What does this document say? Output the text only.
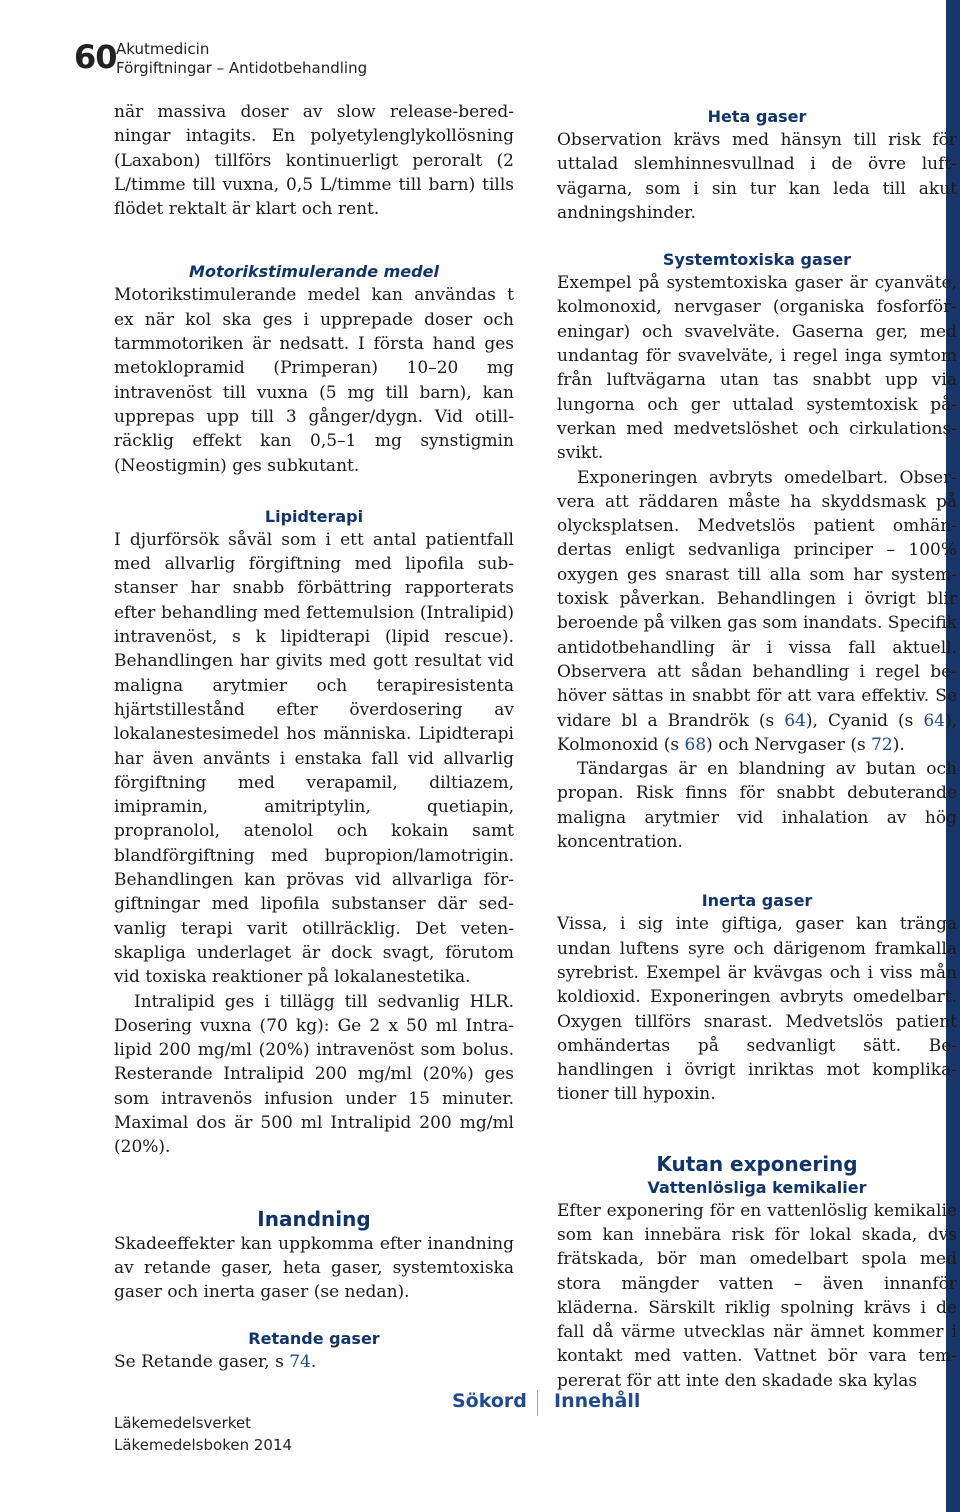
60 Akutmedicin
Förgiftningar – Antidotbehandling

när massiva doser av slow release-beredningar intagits. En polyetylenglykollösning (Laxabon) tillförs kontinuerligt peroralt (2 L/timme till vuxna, 0,5 L/timme till barn) tills flödet rektalt är klart och rent.

Motorikstimulerande medel

Motorikstimulerande medel kan användas t ex när kol ska ges i upprepade doser och tarmmotoriken är nedsatt. I första hand ges metoklopramid (Primperan) 10–20 mg intravenöst till vuxna (5 mg till barn), kan upprepas upp till 3 gånger/dygn. Vid otillräcklig effekt kan 0,5–1 mg synstigmin (Neostigmin) ges subkutant.

Lipidterapi

I djurförsök såväl som i ett antal patientfall med allvarlig förgiftning med lipofila substanser har snabb förbättring rapporterats efter behandling med fettemulsion (Intralipid) intravenöst, s k lipidterapi (lipid rescue). Behandlingen har givits med gott resultat vid maligna arytmier och terapiresistenta hjärtstillestånd efter överdosering av lokalanestesimedel hos människa. Lipidterapi har även använts i enstaka fall vid allvarlig förgiftning med verapamil, diltiazem, imipramin, amitriptylin, quetiapin, propranolol, atenolol och kokain samt blandförgiftning med bupropion/lamotrigin. Behandlingen kan prövas vid allvarliga förgiftningar med lipofila substanser där sedvanlig terapi varit otillräcklig. Det vetenskapliga underlaget är dock svagt, förutom vid toxiska reaktioner på lokalanestetika.

Intralipid ges i tillägg till sedvanlig HLR. Dosering vuxna (70 kg): Ge 2 x 50 ml Intralipid 200 mg/ml (20%) intravenöst som bolus. Resterande Intralipid 200 mg/ml (20%) ges som intravenös infusion under 15 minuter. Maximal dos är 500 ml Intralipid 200 mg/ml (20%).

Inandning

Skadeeffekter kan uppkomma efter inandning av retande gaser, heta gaser, systemtoxiska gaser och inerta gaser (se nedan).

Retande gaser

Se Retande gaser, s 74.

Heta gaser

Observation krävs med hänsyn till risk för uttalad slemhinnesvullnad i de övre luftvägarna, som i sin tur kan leda till akut andningshinder.

Systemtoxiska gaser

Exempel på systemtoxiska gaser är cyanväte, kolmonoxid, nervgaser (organiska fosforföreningar) och svavelväte. Gaserna ger, med undantag för svavelväte, i regel inga symtom från luftvägarna utan tas snabbt upp via lungorna och ger uttalad systemtoxisk påverkan med medvetslöshet och cirkulationssvikt.

Exponeringen avbryts omedelbart. Observera att räddaren måste ha skyddsmask på olycksplatsen. Medvetslös patient omhändertas enligt sedvanliga principer – 100% oxygen ges snarast till alla som har systemtoxisk påverkan. Behandlingen i övrigt blir beroende på vilken gas som inandats. Specifik antidotbehandling är i vissa fall aktuell. Observera att sådan behandling i regel behöver sättas in snabbt för att vara effektiv. Se vidare bl a Brandrök (s 64), Cyanid (s 64), Kolmonoxid (s 68) och Nervgaser (s 72).

Tändargas är en blandning av butan och propan. Risk finns för snabbt debuterande maligna arytmier vid inhalation av hög koncentration.

Inerta gaser

Vissa, i sig inte giftiga, gaser kan tränga undan luftens syre och därigenom framkalla syrebrist. Exempel är kvävgas och i viss mån koldioxid. Exponeringen avbryts omedelbart. Oxygen tillförs snarast. Medvetslös patient omhändertas på sedvanligt sätt. Behandlingen i övrigt inriktas mot komplikationer till hypoxin.

Kutan exponering
Vattenlösliga kemikalier

Efter exponering för en vattenlöslig kemikalie som kan innebära risk för lokal skada, dvs frätskada, bör man omedelbart spola med stora mängder vatten – även innanför kläderna. Särskilt riklig spolning krävs i de fall då värme utvecklas när ämnet kommer i kontakt med vatten. Vattnet bör vara tempererat för att inte den skadade ska kylas

Sökord Innehåll
Läkemedelsverket
Läkemedelsboken 2014
